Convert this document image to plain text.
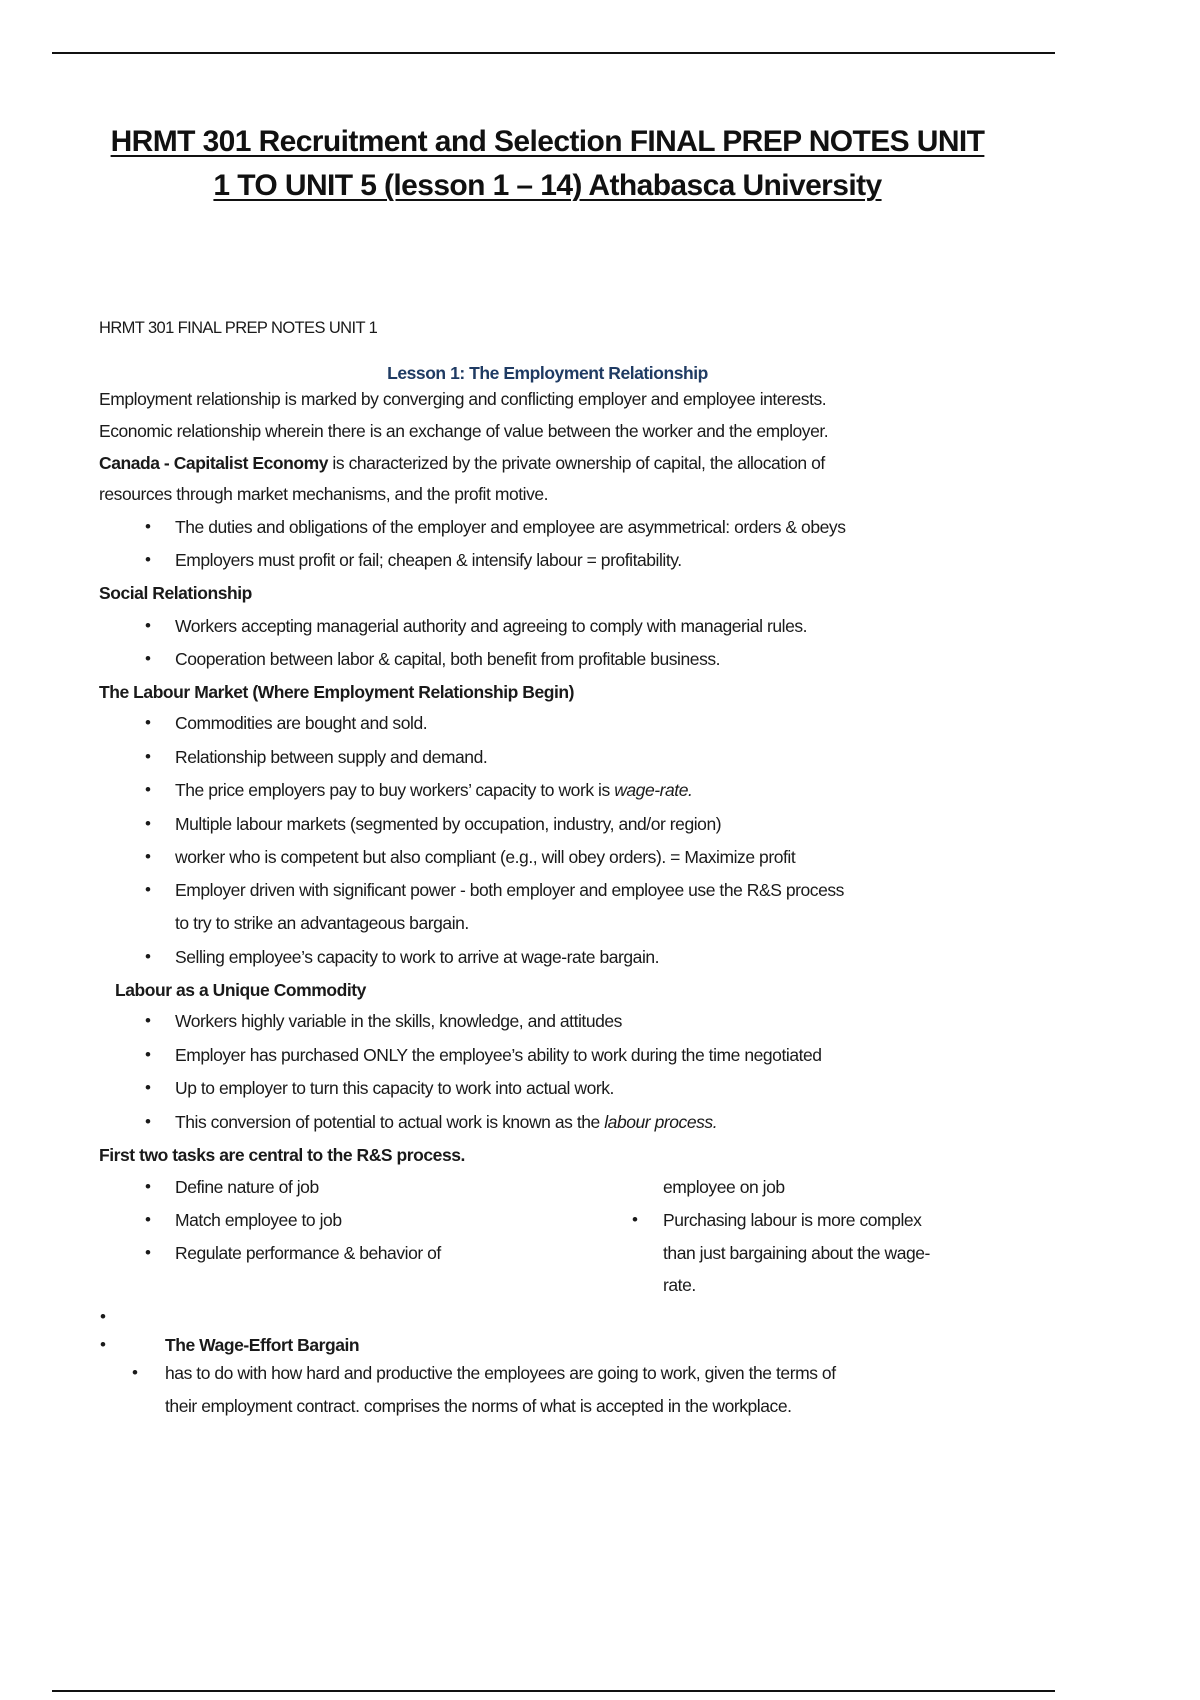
HRMT 301 Recruitment and Selection FINAL PREP NOTES UNIT
1 TO UNIT 5 (lesson 1 – 14) Athabasca University
HRMT 301 FINAL PREP NOTES UNIT 1
Lesson 1: The Employment Relationship
Employment relationship is marked by converging and conflicting employer and employee interests.
Economic relationship wherein there is an exchange of value between the worker and the employer.
Canada - Capitalist Economy is characterized by the private ownership of capital, the allocation of
resources through market mechanisms, and the profit motive.
• The duties and obligations of the employer and employee are asymmetrical: orders & obeys
• Employers must profit or fail; cheapen & intensify labour = profitability.
Social Relationship
• Workers accepting managerial authority and agreeing to comply with managerial rules.
• Cooperation between labor & capital, both benefit from profitable business.
The Labour Market (Where Employment Relationship Begin)
• Commodities are bought and sold.
• Relationship between supply and demand.
• The price employers pay to buy workers’ capacity to work is wage-rate.
• Multiple labour markets (segmented by occupation, industry, and/or region)
• worker who is competent but also compliant (e.g., will obey orders). = Maximize profit
• Employer driven with significant power - both employer and employee use the R&S process
to try to strike an advantageous bargain.
• Selling employee’s capacity to work to arrive at wage-rate bargain.
Labour as a Unique Commodity
• Workers highly variable in the skills, knowledge, and attitudes
• Employer has purchased ONLY the employee’s ability to work during the time negotiated
• Up to employer to turn this capacity to work into actual work.
• This conversion of potential to actual work is known as the labour process.
First two tasks are central to the R&S process.
• Define nature of job
• Match employee to job
• Regulate performance & behavior of
employee on job
• Purchasing labour is more complex
than just bargaining about the wage-
rate.
•
•	The Wage-Effort Bargain
• has to do with how hard and productive the employees are going to work, given the terms of
their employment contract. comprises the norms of what is accepted in the workplace.
